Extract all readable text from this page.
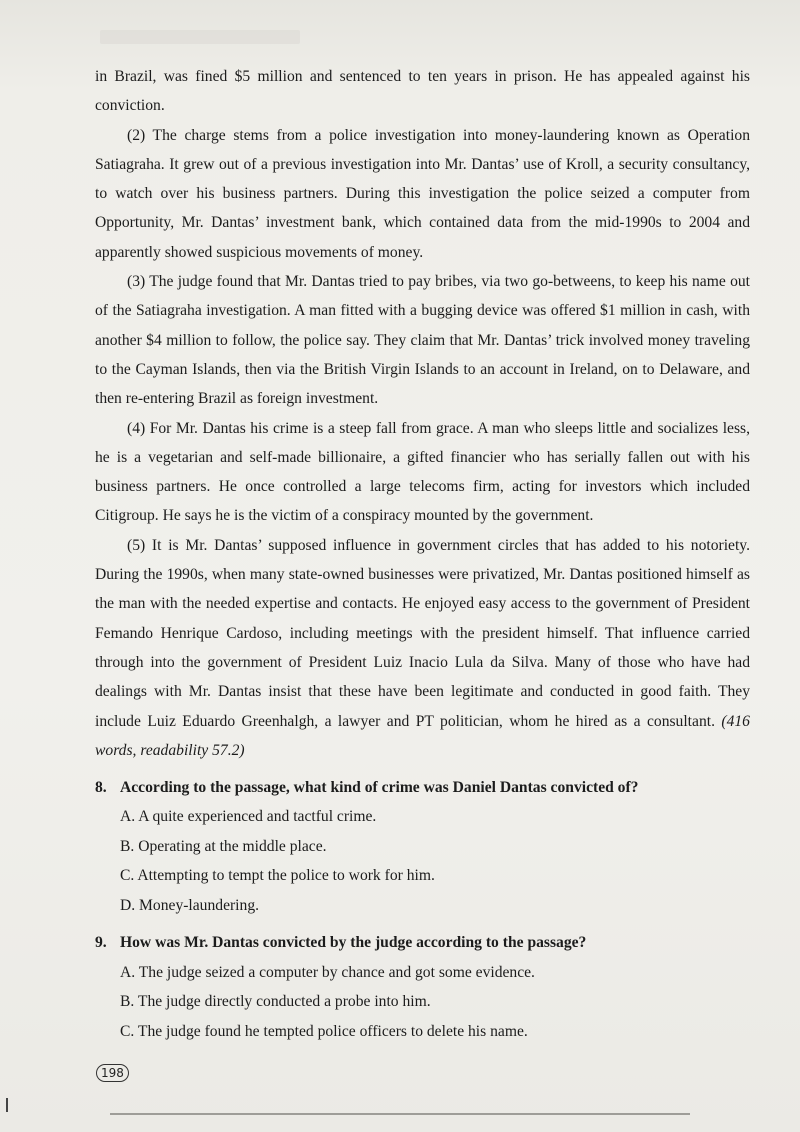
in Brazil, was fined $5 million and sentenced to ten years in prison. He has appealed against his conviction.

(2) The charge stems from a police investigation into money-laundering known as Operation Satiagraha. It grew out of a previous investigation into Mr. Dantas’ use of Kroll, a security consultancy, to watch over his business partners. During this investigation the police seized a computer from Opportunity, Mr. Dantas’ investment bank, which contained data from the mid-1990s to 2004 and apparently showed suspicious movements of money.

(3) The judge found that Mr. Dantas tried to pay bribes, via two go-betweens, to keep his name out of the Satiagraha investigation. A man fitted with a bugging device was offered $1 million in cash, with another $4 million to follow, the police say. They claim that Mr. Dantas’ trick involved money traveling to the Cayman Islands, then via the British Virgin Islands to an account in Ireland, on to Delaware, and then re-entering Brazil as foreign investment.

(4) For Mr. Dantas his crime is a steep fall from grace. A man who sleeps little and socializes less, he is a vegetarian and self-made billionaire, a gifted financier who has serially fallen out with his business partners. He once controlled a large telecoms firm, acting for investors which included Citigroup. He says he is the victim of a conspiracy mounted by the government.

(5) It is Mr. Dantas’ supposed influence in government circles that has added to his notoriety. During the 1990s, when many state-owned businesses were privatized, Mr. Dantas positioned himself as the man with the needed expertise and contacts. He enjoyed easy access to the government of President Femando Henrique Cardoso, including meetings with the president himself. That influence carried through into the government of President Luiz Inacio Lula da Silva. Many of those who have had dealings with Mr. Dantas insist that these have been legitimate and conducted in good faith. They include Luiz Eduardo Greenhalgh, a lawyer and PT politician, whom he hired as a consultant. (416 words, readability 57.2)

8. According to the passage, what kind of crime was Daniel Dantas convicted of?

A. A quite experienced and tactful crime.

B. Operating at the middle place.

C. Attempting to tempt the police to work for him.

D. Money-laundering.

9. How was Mr. Dantas convicted by the judge according to the passage?

A. The judge seized a computer by chance and got some evidence.

B. The judge directly conducted a probe into him.

C. The judge found he tempted police officers to delete his name.

198
